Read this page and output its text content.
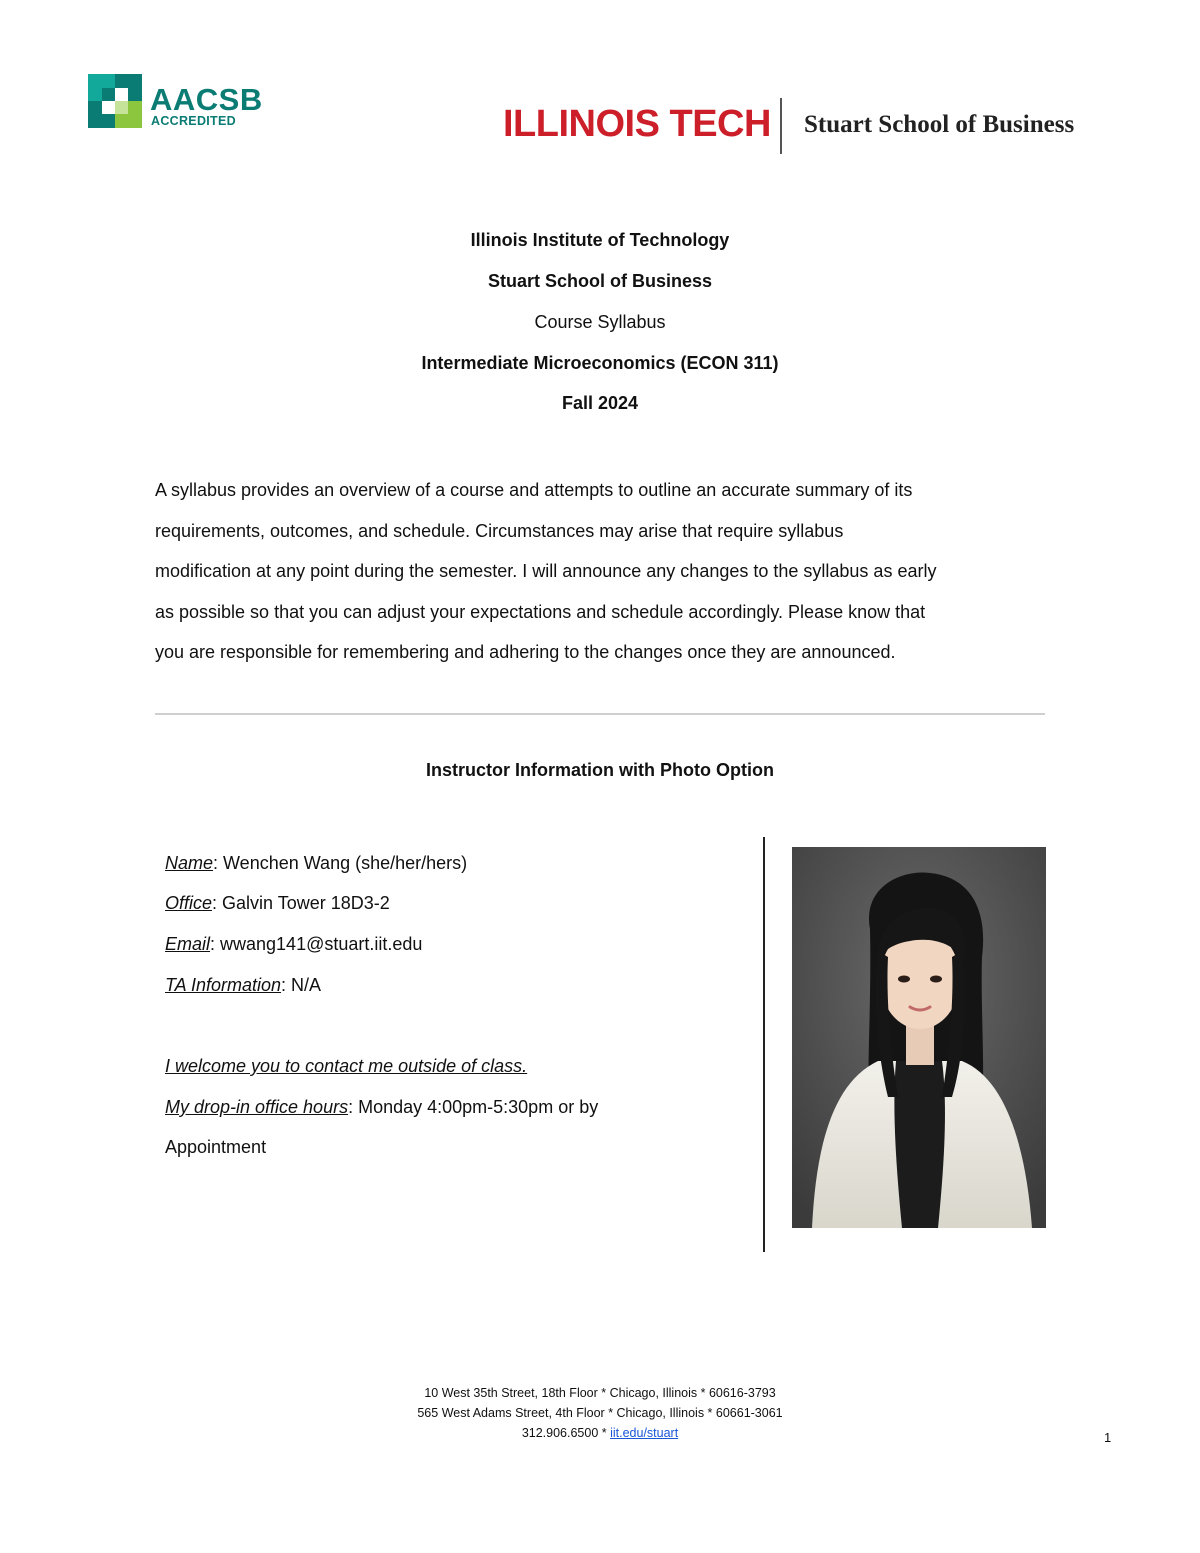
AACSB
ACCREDITED	ILLINOIS TECH Stuart School of Business
Illinois Institute of Technology
Stuart School of Business
Course Syllabus
Intermediate Microeconomics (ECON 311)
Fall 2024
A syllabus provides an overview of a course and attempts to outline an accurate summary of its
requirements, outcomes, and schedule. Circumstances may arise that require syllabus
modification at any point during the semester. I will announce any changes to the syllabus as early
as possible so that you can adjust your expectations and schedule accordingly. Please know that
you are responsible for remembering and adhering to the changes once they are announced.
Instructor Information with Photo Option
Name: Wenchen Wang (she/her/hers)
Office: Galvin Tower 18D3-2
Email: wwang141@stuart.iit.edu
TA Information: N/A
I welcome you to contact me outside of class.
My drop-in office hours: Monday 4:00pm-5:30pm or by
Appointment
10 West 35th Street, 18th Floor * Chicago, Illinois * 60616-3793
565 West Adams Street, 4th Floor * Chicago, Illinois * 60661-3061
312.906.6500 * iit.edu/stuart	1
